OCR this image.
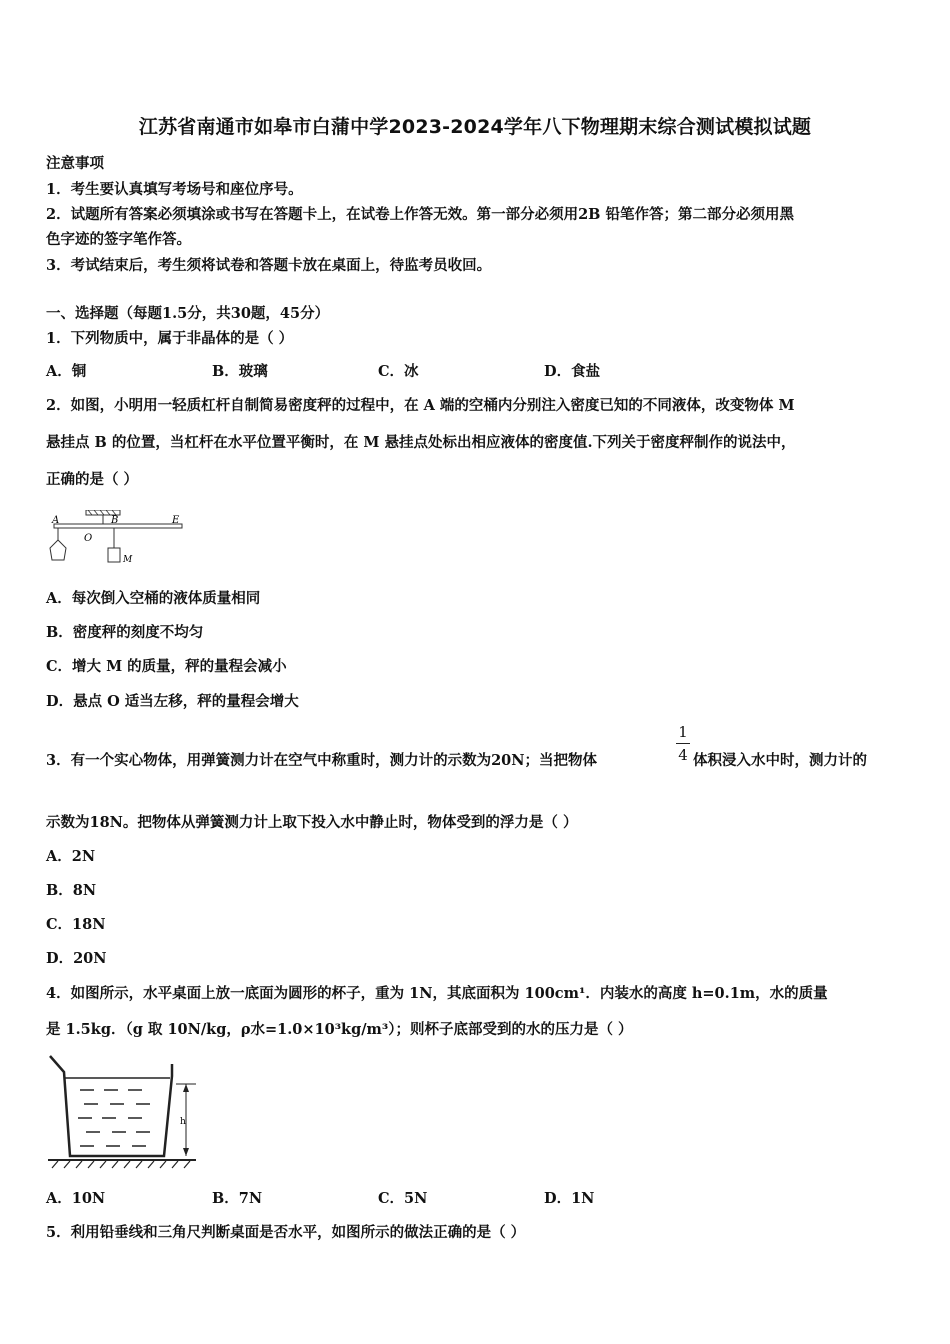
江苏省南通市如皋市白蒲中学2023-2024学年八下物理期末综合测试模拟试题
注意事项
1．考生要认真填写考场号和座位序号。
2．试题所有答案必须填涂或书写在答题卡上，在试卷上作答无效。第一部分必须用2B 铅笔作答；第二部分必须用黑
色字迹的签字笔作答。
3．考试结束后，考生须将试卷和答题卡放在桌面上，待监考员收回。
一、选择题（每题1.5分，共30题，45分）
1．下列物质中，属于非晶体的是（ ）
A．铜	B．玻璃	C．冰	D．食盐
2．如图，小明用一轻质杠杆自制简易密度秤的过程中，在 A 端的空桶内分别注入密度已知的不同液体，改变物体 M
悬挂点 B 的位置，当杠杆在水平位置平衡时，在 M 悬挂点处标出相应液体的密度值.下列关于密度秤制作的说法中，
正确的是（ ）
A
O
B	E
M
A．每次倒入空桶的液体质量相同
B．密度秤的刻度不均匀
C．增大 M 的质量，秤的量程会减小
D．悬点 O 适当左移，秤的量程会增大
3．有一个实心物体，用弹簧测力计在空气中称重时，测力计的示数为20N；当把物体
1
4 体积浸入水中时，测力计的
示数为18N。把物体从弹簧测力计上取下投入水中静止时，物体受到的浮力是（ ）
A．2N
B．8N
C．18N
D．20N
4．如图所示，水平桌面上放一底面为圆形的杯子，重为 1N，其底面积为 100cm¹．内装水的高度 h=0.1m，水的质量
是 1.5kg．（g 取 10N/kg，ρ水=1.0×10³kg/m³）；则杯子底部受到的水的压力是（ ）
h
A．10N	B．7N	C．5N	D．1N
5．利用铅垂线和三角尺判断桌面是否水平，如图所示的做法正确的是（ ）
